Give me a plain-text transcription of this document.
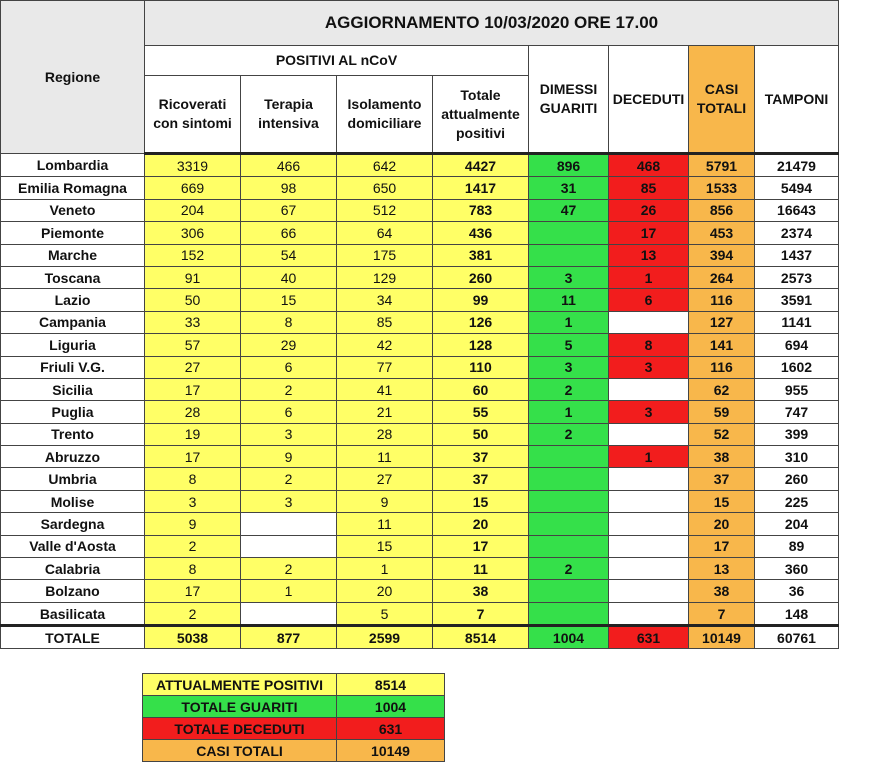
Regione	AGGIORNAMENTO 10/03/2020 ORE 17.00							
	POSITIVI AL nCoV				DIMESSI GUARITI	DECEDUTI	CASI TOTALI	TAMPONI
	Ricoverati con sintomi	Terapia intensiva	Isolamento domiciliare	Totale attualmente positivi				
Lombardia	3319	466	642	4427	896	468	5791	21479
Emilia Romagna	669	98	650	1417	31	85	1533	5494
Veneto	204	67	512	783	47	26	856	16643
Piemonte	306	66	64	436		17	453	2374
Marche	152	54	175	381		13	394	1437
Toscana	91	40	129	260	3	1	264	2573
Lazio	50	15	34	99	11	6	116	3591
Campania	33	8	85	126	1		127	1141
Liguria	57	29	42	128	5	8	141	694
Friuli V.G.	27	6	77	110	3	3	116	1602
Sicilia	17	2	41	60	2		62	955
Puglia	28	6	21	55	1	3	59	747
Trento	19	3	28	50	2		52	399
Abruzzo	17	9	11	37		1	38	310
Umbria	8	2	27	37			37	260
Molise	3	3	9	15			15	225
Sardegna	9		11	20			20	204
Valle d'Aosta	2		15	17			17	89
Calabria	8	2	1	11	2		13	360
Bolzano	17	1	20	38			38	36
Basilicata	2		5	7			7	148
TOTALE	5038	877	2599	8514	1004	631	10149	60761
ATTUALMENTE POSITIVI	8514
TOTALE GUARITI	1004
TOTALE DECEDUTI	631
CASI TOTALI	10149
